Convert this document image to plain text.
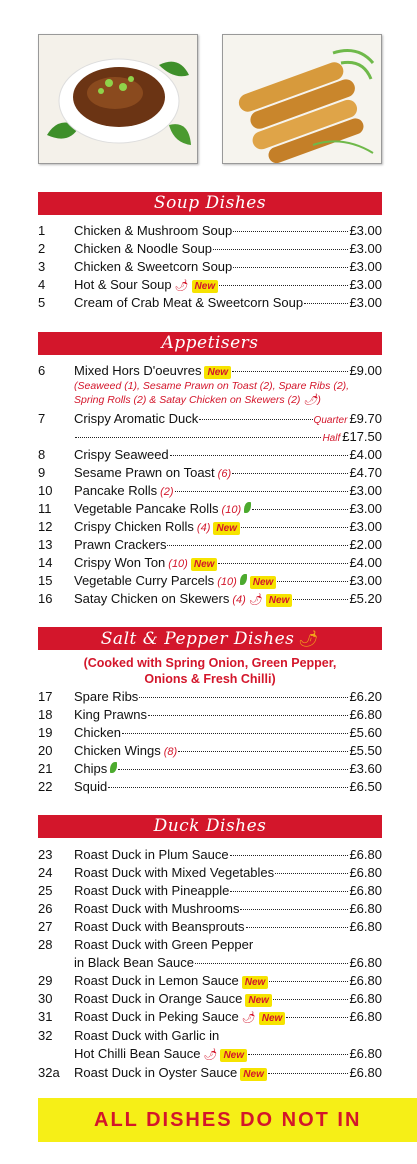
Soup Dishes
1	Chicken & Mushroom Soup	£3.00
2	Chicken & Noodle Soup	£3.00
3	Chicken & Sweetcorn Soup	£3.00
4	Hot & Sour Soup 🌶 New	£3.00
5	Cream of Crab Meat & Sweetcorn Soup	£3.00
Appetisers
6	Mixed Hors D'oeuvres New	£9.00
(Seaweed (1), Sesame Prawn on Toast (2), Spare Ribs (2),
Spring Rolls (2) & Satay Chicken on Skewers (2) 🌶)
7	Crispy Aromatic Duck	Quarter £9.70
Half £17.50
8	Crispy Seaweed	£4.00
9	Sesame Prawn on Toast (6)	£4.70
10	Pancake Rolls (2)	£3.00
11	Vegetable Pancake Rolls (10)	£3.00
12	Crispy Chicken Rolls (4) New	£3.00
13	Prawn Crackers	£2.00
14	Crispy Won Ton (10) New	£4.00
15	Vegetable Curry Parcels (10)	New	£3.00
16	Satay Chicken on Skewers (4) 🌶 New	£5.20
Salt & Pepper Dishes 🌶
(Cooked with Spring Onion, Green Pepper,
Onions & Fresh Chilli)
17	Spare Ribs	£6.20
18	King Prawns	£6.80
19	Chicken	£5.60
20	Chicken Wings (8)	£5.50
21	Chips	£3.60
22	Squid	£6.50
Duck Dishes
23	Roast Duck in Plum Sauce	£6.80
24	Roast Duck with Mixed Vegetables	£6.80
25	Roast Duck with Pineapple	£6.80
26	Roast Duck with Mushrooms	£6.80
27	Roast Duck with Beansprouts	£6.80
28	Roast Duck with Green Pepper
in Black Bean Sauce	£6.80
29	Roast Duck in Lemon Sauce New	£6.80
30	Roast Duck in Orange Sauce New	£6.80
31	Roast Duck in Peking Sauce 🌶 New	£6.80
32	Roast Duck with Garlic in
Hot Chilli Bean Sauce 🌶 New	£6.80
32a	Roast Duck in Oyster Sauce New	£6.80
ALL DISHES DO NOT IN
